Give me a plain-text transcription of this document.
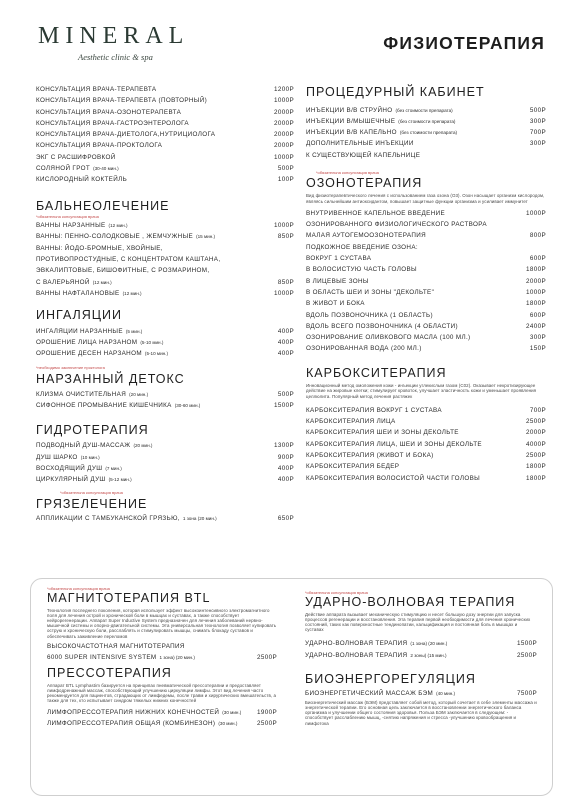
MINERAL
Aesthetic clinic & spa
ФИЗИОТЕРАПИЯ
КОНСУЛЬТАЦИЯ ВРАЧА-ТЕРАПЕВТА	1200Р
КОНСУЛЬТАЦИЯ ВРАЧА-ТЕРАПЕВТА (ПОВТОРНЫЙ)	1000Р
КОНСУЛЬТАЦИЯ ВРАЧА-ОЗОНОТЕРАПЕВТА	2000Р
КОНСУЛЬТАЦИЯ ВРАЧА-ГАСТРОЭНТЕРОЛОГА	2000Р
КОНСУЛЬТАЦИЯ ВРАЧА-ДИЕТОЛОГА,НУТРИЦИОЛОГА	2000Р
КОНСУЛЬТАЦИЯ ВРАЧА-ПРОКТОЛОГА	2000Р
ЭКГ С РАСШИФРОВКОЙ	1000Р
СОЛЯНОЙ ГРОТ (30-40 мин.)	500Р
КИСЛОРОДНЫЙ КОКТЕЙЛЬ	100Р
БАЛЬНЕОЛЕЧЕНИЕ
*обязательна консультация врача
ВАННЫ НАРЗАННЫЕ (12 мин.)	1000Р
ВАННЫ: ПЕННО-СОЛОДКОВЫЕ , ЖЕМЧУЖНЫЕ (15 мин.)	850Р
ВАННЫ: ЙОДО-БРОМНЫЕ, ХВОЙНЫЕ,
ПРОТИВОПРОСТУДНЫЕ, С КОНЦЕНТРАТОМ КАШТАНА,
ЭВКАЛИПТОВЫЕ, БИШОФИТНЫЕ, С РОЗМАРИНОМ,
С ВАЛЕРЬЯНОЙ (12 мин.)	850Р
ВАННЫ НАФТАЛАНОВЫЕ (12 мин.)	1000Р
ИНГАЛЯЦИИ
ИНГАЛЯЦИИ НАРЗАННЫЕ (5 мин.)	400Р
ОРОШЕНИЕ ЛИЦА НАРЗАНОМ (5-10 мин.)	400Р
ОРОШЕНИЕ ДЕСЕН НАРЗАНОМ (5-10 мин.)	400Р
*необходимо заключение проктолога
НАРЗАННЫЙ ДЕТОКС
КЛИЗМА ОЧИСТИТЕЛЬНАЯ (20 мин.)	500Р
СИФОННОЕ ПРОМЫВАНИЕ КИШЕЧНИКА (30-60 мин.)	1500Р
ГИДРОТЕРАПИЯ
ПОДВОДНЫЙ ДУШ-МАССАЖ (20 мин.)	1300Р
ДУШ ШАРКО (10 мин.)	900Р
ВОСХОДЯЩИЙ ДУШ (7 мин.)	400Р
ЦИРКУЛЯРНЫЙ ДУШ (5-12 мин.)	400Р
*обязательна консультация врача
ГРЯЗЕЛЕЧЕНИЕ
АППЛИКАЦИИ С ТАМБУКАНСКОЙ ГРЯЗЬЮ, 1 зона (20 мин.)	650Р
ПРОЦЕДУРНЫЙ КАБИНЕТ
ИНЪЕКЦИИ В/В СТРУЙНО (без стоимости препарата)	500Р
ИНЪЕКЦИИ В/МЫШЕЧНЫЕ (без стоимости препарата)	300Р
ИНЪЕКЦИИ В/В КАПЕЛЬНО (без стоимости препарата)	700Р
ДОПОЛНИТЕЛЬНЫЕ ИНЪЕКЦИИ	300Р
К СУЩЕСТВУЮЩЕЙ КАПЕЛЬНИЦЕ
*обязательна консультация врача
ОЗОНОТЕРАПИЯ
Вид физиотерапевтического лечения с использованием газа озона (О3). Озон насыщает организм кислородом, являясь сильнейшим антиоксидантом, повышает защитные функции организма и усиливает иммунитет
ВНУТРИВЕННОЕ КАПЕЛЬНОЕ ВВЕДЕНИЕ	1000Р
ОЗОНИРОВАННОГО ФИЗИОЛОГИЧЕСКОГО РАСТВОРА
МАЛАЯ АУТОГЕМООЗОНОТЕРАПИЯ	800Р
ПОДКОЖНОЕ ВВЕДЕНИЕ ОЗОНА:
ВОКРУГ 1 СУСТАВА	600Р
В ВОЛОСИСТУЮ ЧАСТЬ ГОЛОВЫ	1800Р
В ЛИЦЕВЫЕ ЗОНЫ	2000Р
В ОБЛАСТЬ ШЕИ И ЗОНЫ "ДЕКОЛЬТЕ"	1000Р
В ЖИВОТ И БОКА	1800Р
ВДОЛЬ ПОЗВОНОЧНИКА (1 ОБЛАСТЬ)	600Р
ВДОЛЬ ВСЕГО ПОЗВОНОЧНИКА (4 ОБЛАСТИ)	2400Р
ОЗОНИРОВАНИЕ ОЛИВКОВОГО МАСЛА (100 МЛ.)	300Р
ОЗОНИРОВАННАЯ ВОДА (200 МЛ.)	150Р
КАРБОКСИТЕРАПИЯ
Инновационный метод омоложения кожи - инъекции углекислым газом (С02). Оказывает некротизирующее действие на жировые клетки; стимулирует кровоток, улучшает эластичность кожи и уменьшает проявления целлюлита. Популярный метод лечения растяжек
КАРБОКСИТЕРАПИЯ ВОКРУГ 1 СУСТАВА	700Р
КАРБОКСИТЕРАПИЯ ЛИЦА	2500Р
КАРБОКСИТЕРАПИЯ ШЕИ И ЗОНЫ ДЕКОЛЬТЕ	2000Р
КАРБОКСИТЕРАПИЯ ЛИЦА, ШЕИ И ЗОНЫ ДЕКОЛЬТЕ	4000Р
КАРБОКСИТЕРАПИЯ (ЖИВОТ И БОКА)	2500Р
КАРБОКСИТЕРАПИЯ БЕДЕР	1800Р
КАРБОКСИТЕРАПИЯ ВОЛОСИСТОЙ ЧАСТИ ГОЛОВЫ	1800Р
*обязательна консультация врача
МАГНИТОТЕРАПИЯ BTL
Технология последнего поколения, которая использует эффект высокоинтенсивного электромагнитного поля для лечения острой и хронической боли в мышцах и суставах, а также способствует нейрорегенерации. Аппарат Super Inductive System предназначен для лечения заболеваний нервно-мышечной системы и опорно-двигательной системы. Эта универсальная технология позволяет купировать острую и хроническую боли, расслаблять и стимулировать мышцы, снимать блокаду суставов и обеспечивать заживление переломов
ВЫСОКОЧАСТОТНАЯ МАГНИТОТЕРАПИЯ
6000 SUPER INTENSIVE SYSTEM 1 зона) (20 мин.)	2500Р
ПРЕССОТЕРАПИЯ
Аппарат BTL Lymphastim базируется на принципах пневматической прессотерапии и предоставляет лимфодренажный массаж, способствующий улучшению циркуляции лимфы. Этот вид лечения часто рекомендуется для пациентов, страдающих от лимфедемы, после травм и хирургических вмешательств, а также для тех, кто испытывает синдром тяжелых нижних конечностей
ЛИМФОПРЕССОТЕРАПИЯ НИЖНИХ КОНЕЧНОСТЕЙ (30 мин.)	1900Р
ЛИМФОПРЕССОТЕРАПИЯ ОБЩАЯ (КОМБИНЕЗОН) (30 мин.)	2500Р
*обязательна консультация врача
УДАРНО-ВОЛНОВАЯ ТЕРАПИЯ
Действие аппарата вызывает механическую стимуляцию и несет большую дозу энергии для запуска процессов регенерации и восстановления. Эта терапия первой необходимости для лечения хронических состояний, таких как поверхностные тендинопатии, кальцификация и постоянная боль в мышцах и суставах
УДАРНО-ВОЛНОВАЯ ТЕРАПИЯ (1 зона) (20 мин.)	1500Р
УДАРНО-ВОЛНОВАЯ ТЕРАПИЯ 2 зоны) (15 мин.)	2500Р
БИОЭНЕРГОРЕГУЛЯЦИЯ
БИОЭНЕРГЕТИЧЕСКИЙ МАССАЖ БЭМ (40 мин.)	7500Р
Биоэнергетический массаж (БЭМ) представляет собой метод, который сочетает в себе элементы массажа и энергетической терапии. Его основная цель заключается в восстановлении энергетического баланса организма и улучшении общего состояния здоровья. Польза БЭМ заключается в следующем: - способствует расслаблению мышц, -снятию напряжения и стресса -улучшению кровообращения и лимфотока
